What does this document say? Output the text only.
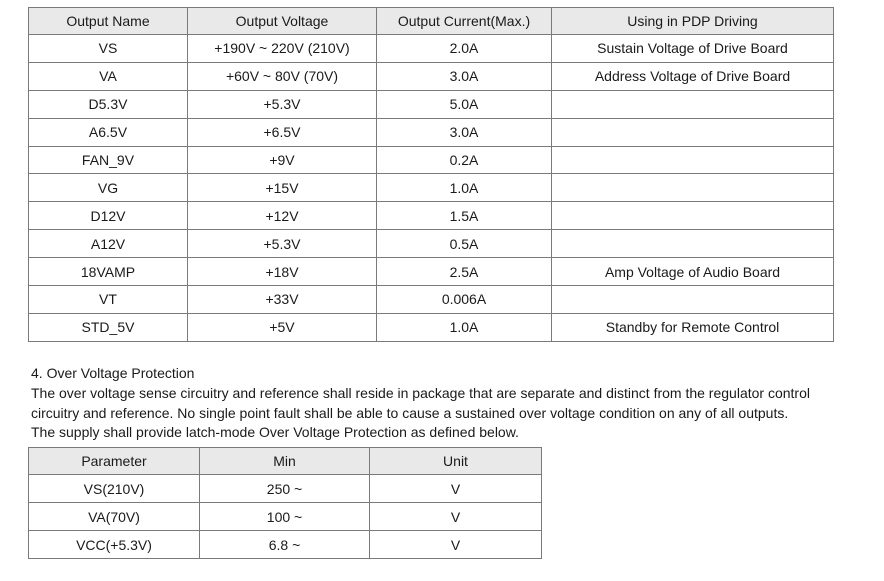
Output Name	Output Voltage	Output Current(Max.)	Using in PDP Driving
VS	+190V ~ 220V (210V)	2.0A	Sustain Voltage of Drive Board
VA	+60V ~ 80V (70V)	3.0A	Address Voltage of Drive Board
D5.3V	+5.3V	5.0A	
A6.5V	+6.5V	3.0A	
FAN_9V	+9V	0.2A	
VG	+15V	1.0A	
D12V	+12V	1.5A	
A12V	+5.3V	0.5A	
18VAMP	+18V	2.5A	Amp Voltage of Audio Board
VT	+33V	0.006A	
STD_5V	+5V	1.0A	Standby for Remote Control

4. Over Voltage Protection

The over voltage sense circuitry and reference shall reside in package that are separate and distinct from the regulator control

circuitry and reference. No single point fault shall be able to cause a sustained over voltage condition on any of all outputs.

The supply shall provide latch-mode Over Voltage Protection as defined below.

Parameter	Min	Unit
VS(210V)	250 ~	V
VA(70V)	100 ~	V
VCC(+5.3V)	6.8 ~	V
